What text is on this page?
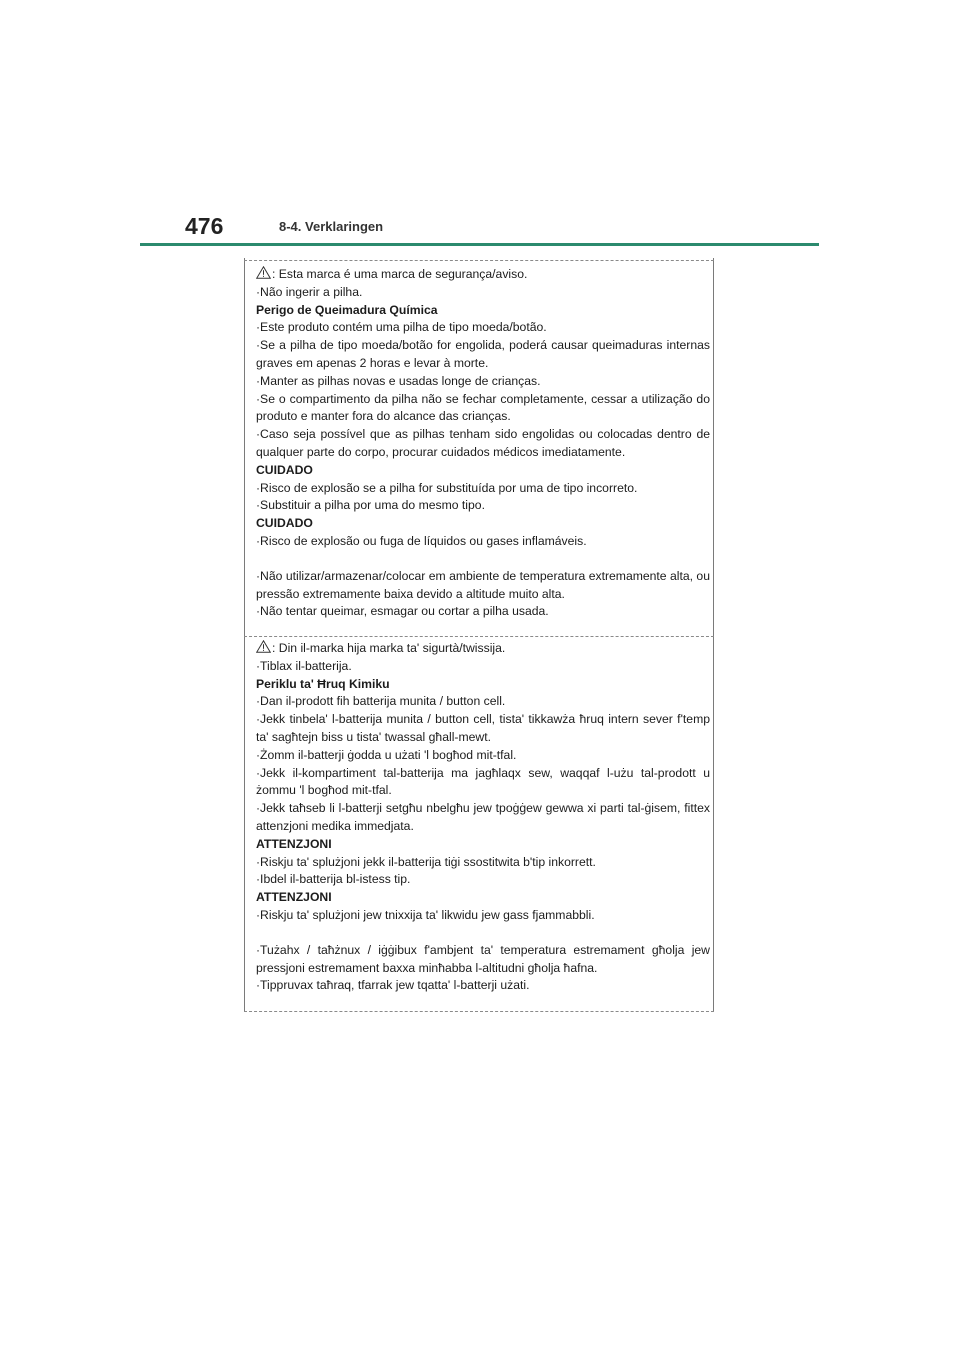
476	8-4. Verklaringen
: Esta marca é uma marca de segurança/aviso.
·Não ingerir a pilha.
Perigo de Queimadura Química
·Este produto contém uma pilha de tipo moeda/botão.
·Se a pilha de tipo moeda/botão for engolida, poderá causar queimaduras internas graves em apenas 2 horas e levar à morte.
·Manter as pilhas novas e usadas longe de crianças.
·Se o compartimento da pilha não se fechar completamente, cessar a utilização do produto e manter fora do alcance das crianças.
·Caso seja possível que as pilhas tenham sido engolidas ou colocadas dentro de qualquer parte do corpo, procurar cuidados médicos imediatamente.
CUIDADO
·Risco de explosão se a pilha for substituída por uma de tipo incorreto.
·Substituir a pilha por uma do mesmo tipo.
CUIDADO
·Risco de explosão ou fuga de líquidos ou gases inflamáveis.
·Não utilizar/armazenar/colocar em ambiente de temperatura extremamente alta, ou pressão extremamente baixa devido a altitude muito alta.
·Não tentar queimar, esmagar ou cortar a pilha usada.
: Din il-marka hija marka ta' sigurtà/twissija.
·Tiblax il-batterija.
Periklu ta' Ħruq Kimiku
·Dan il-prodott fih batterija munita / button cell.
·Jekk tinbela' l-batterija munita / button cell, tista' tikkawża ħruq intern sever f'temp ta' sagħtejn biss u tista' twassal għall-mewt.
·Żomm il-batterji ġodda u użati 'l bogħod mit-tfal.
·Jekk il-kompartiment tal-batterija ma jagħlaqx sew, waqqaf l-użu tal-prodott u żommu 'l bogħod mit-tfal.
·Jekk taħseb li l-batterji setgħu nbelgħu jew tpoġġew gewwa xi parti tal-ġisem, fittex attenzjoni medika immedjata.
ATTENZJONI
·Riskju ta' splużjoni jekk il-batterija tiġi ssostitwita b'tip inkorrett.
·Ibdel il-batterija bl-istess tip.
ATTENZJONI
·Riskju ta' splużjoni jew tnixxija ta' likwidu jew gass fjammabbli.
·Tużahx / taħżnux / iġġibux f'ambjent ta' temperatura estremament għolja jew pressjoni estremament baxxa minħabba l-altitudni għolja ħafna.
·Tippruvax taħraq, tfarrak jew tqatta' l-batterji użati.
